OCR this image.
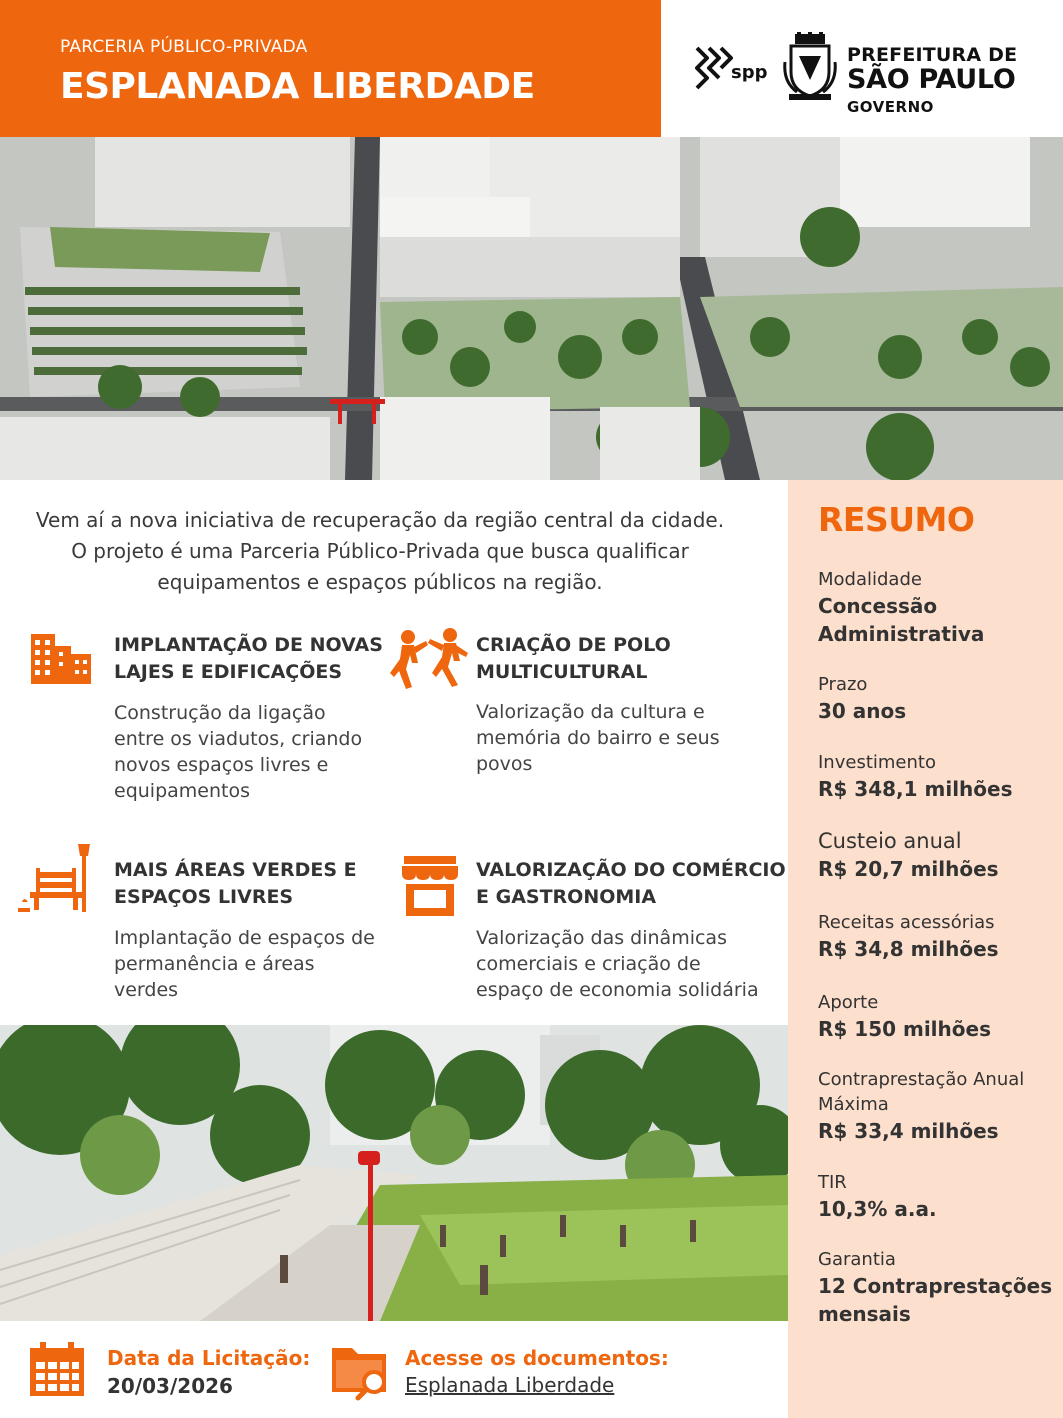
PARCERIA PÚBLICO-PRIVADA
ESPLANADA LIBERDADE	spp
PREFEITURA DE
SÃO PAULO
GOVERNO
Vem aí a nova iniciativa de recuperação da região central da cidade. O projeto é uma Parceria Público-Privada que busca qualificar equipamentos e espaços públicos na região.
IMPLANTAÇÃO DE NOVAS
LAJES E EDIFICAÇÕES
Construção da ligação
entre os viadutos, criando
novos espaços livres e
equipamentos
CRIAÇÃO DE POLO
MULTICULTURAL
Valorização da cultura e
memória do bairro e seus
povos
MAIS ÁREAS VERDES E
ESPAÇOS LIVRES
Implantação de espaços de
permanência e áreas
verdes
VALORIZAÇÃO DO COMÉRCIO
E GASTRONOMIA
Valorização das dinâmicas
comerciais e criação de
espaço de economia solidária
Data da Licitação:
20/03/2026
Acesse os documentos:
Esplanada Liberdade
RESUMO
Modalidade
Concessão
Administrativa
Prazo
30 anos
Investimento
R$ 348,1 milhões
Custeio anual
R$ 20,7 milhões
Receitas acessórias
R$ 34,8 milhões
Aporte
R$ 150 milhões
Contraprestação Anual
Máxima
R$ 33,4 milhões
TIR
10,3% a.a.
Garantia
12 Contraprestações
mensais
